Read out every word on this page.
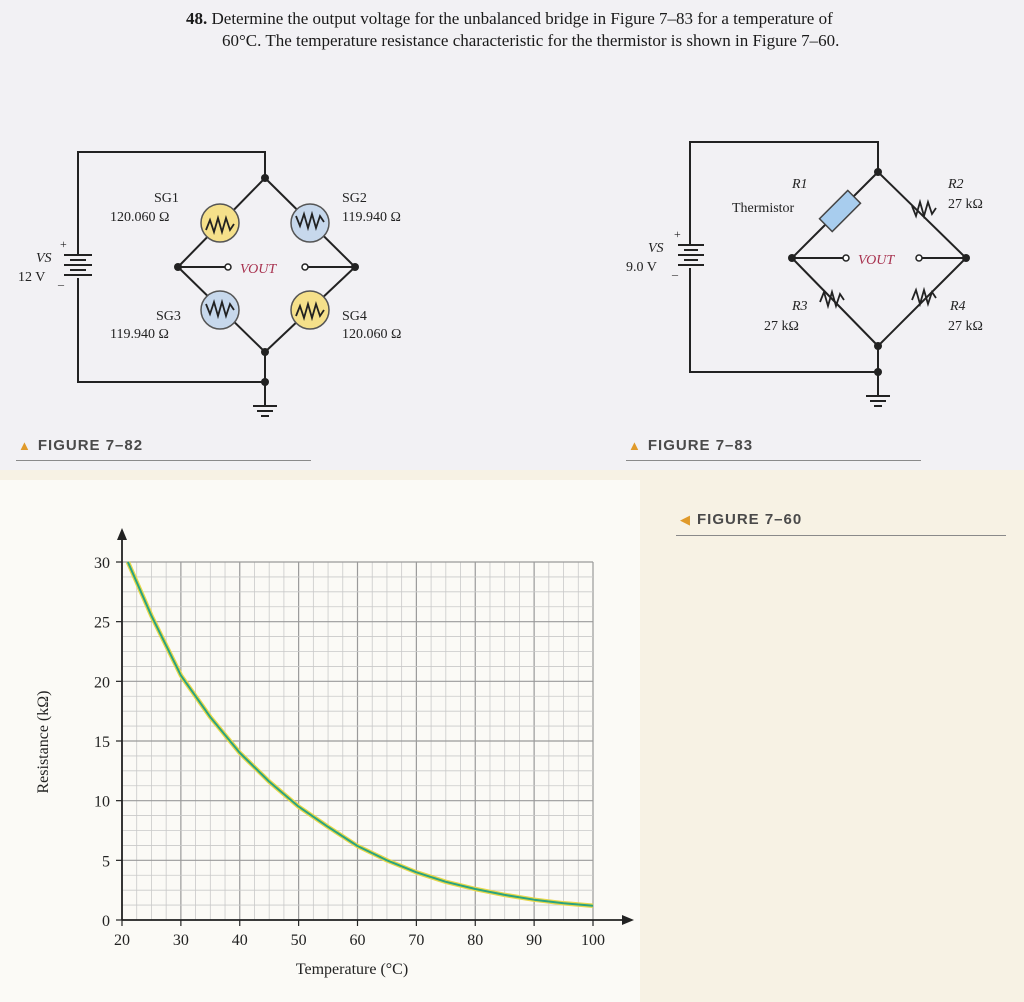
48. Determine the output voltage for the unbalanced bridge in Figure 7–83 for a temperature of
60°C. The temperature resistance characteristic for the thermistor is shown in Figure 7–60.
SG1
120.060 Ω
SG2
119.940 Ω
SG3
119.940 Ω
SG4
120.060 Ω
VS
12 V
+
_
VOUT
▲ FIGURE 7–82
Thermistor
R1	R2
27 kΩ
R3
27 kΩ
R4
27 kΩ
VS
9.0 V
+
_
VOUT
▲ FIGURE 7–83
◀ FIGURE 7–60
20	30	40	50	60	70	80	90 100
0
5
10
15
20
25
30
Temperature (°C)
Resistance (kΩ)
